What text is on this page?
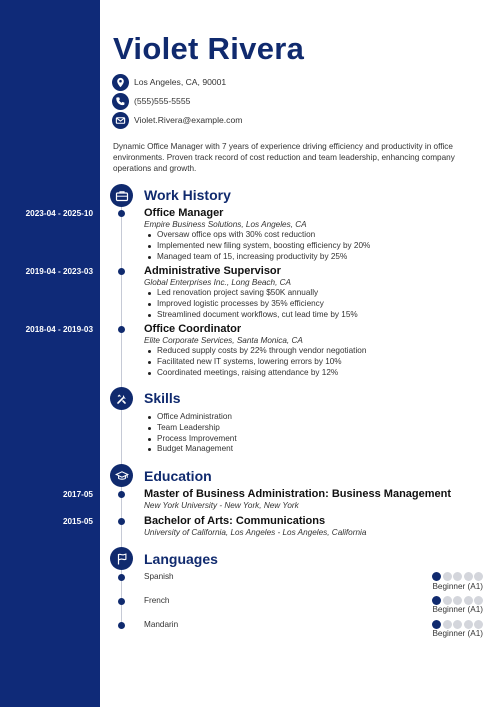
Violet Rivera
Los Angeles, CA, 90001
(555)555-5555
Violet.Rivera@example.com
Dynamic Office Manager with 7 years of experience driving efficiency and productivity in office environments. Proven track record of cost reduction and team leadership, enhancing company operations and growth.
Work History
2023-04 - 2025-10	Office Manager
Empire Business Solutions, Los Angeles, CA
Oversaw office ops with 30% cost reduction
Implemented new filing system, boosting efficiency by 20%
Managed team of 15, increasing productivity by 25%
2019-04 - 2023-03	Administrative Supervisor
Global Enterprises Inc., Long Beach, CA
Led renovation project saving $50K annually
Improved logistic processes by 35% efficiency
Streamlined document workflows, cut lead time by 15%
2018-04 - 2019-03	Office Coordinator
Elite Corporate Services, Santa Monica, CA
Reduced supply costs by 22% through vendor negotiation
Facilitated new IT systems, lowering errors by 10%
Coordinated meetings, raising attendance by 12%
Skills
Office Administration
Team Leadership
Process Improvement
Budget Management
Education
2017-05	Master of Business Administration: Business Management
New York University - New York, New York
2015-05	Bachelor of Arts: Communications
University of California, Los Angeles - Los Angeles, California
Languages
Spanish
Beginner (A1)
French
Beginner (A1)
Mandarin
Beginner (A1)
